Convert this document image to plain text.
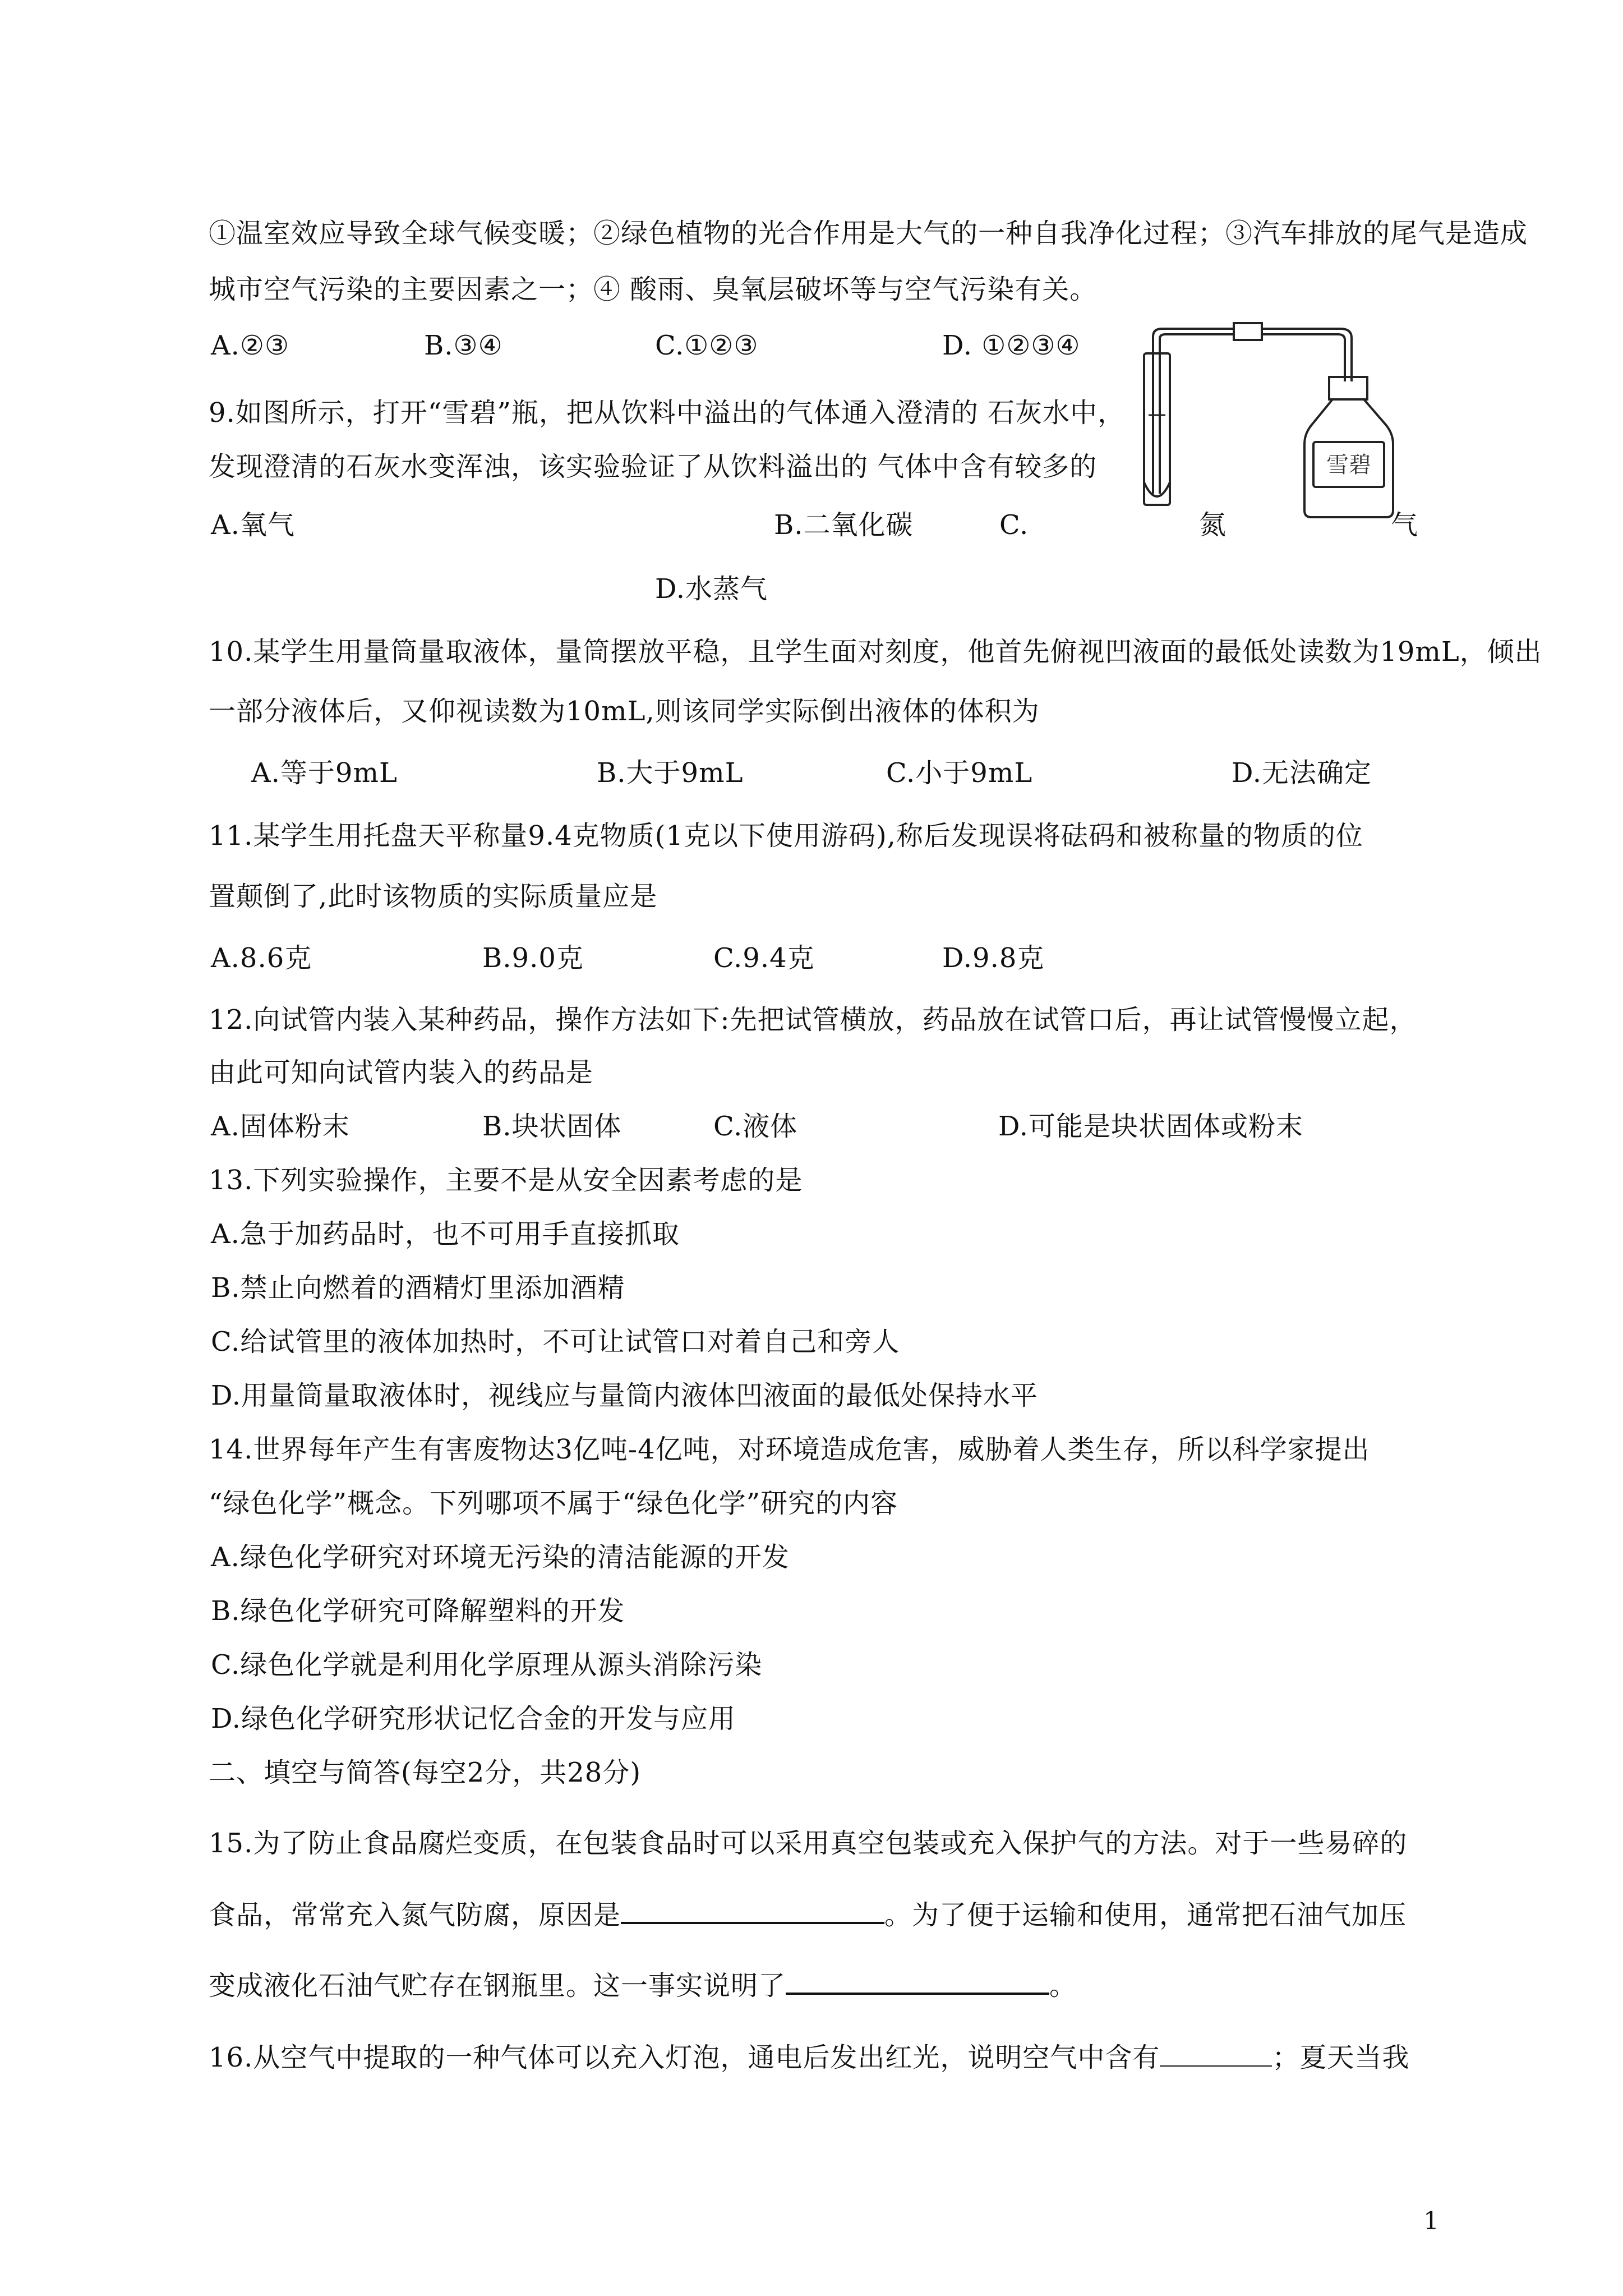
①温室效应导致全球气候变暖；②绿色植物的光合作用是大气的一种自我净化过程；③汽车排放的尾气是造成
城市空气污染的主要因素之一；④ 酸雨、臭氧层破坏等与空气污染有关。
A.②③	B.③④	C.①②③	D. ①②③④
9.如图所示，打开“雪碧”瓶，把从饮料中溢出的气体通入澄清的 石灰水中，
发现澄清的石灰水变浑浊，该实验验证了从饮料溢出的 气体中含有较多的	雪碧
A.氧气	B.二氧化碳	C.	氮	气
D.水蒸气
10.某学生用量筒量取液体，量筒摆放平稳，且学生面对刻度，他首先俯视凹液面的最低处读数为19mL，倾出
一部分液体后，又仰视读数为10mL,则该同学实际倒出液体的体积为
A.等于9mL	B.大于9mL	C.小于9mL	D.无法确定
11.某学生用托盘天平称量9.4克物质(1克以下使用游码),称后发现误将砝码和被称量的物质的位
置颠倒了,此时该物质的实际质量应是
A.8.6克	B.9.0克	C.9.4克	D.9.8克
12.向试管内装入某种药品，操作方法如下:先把试管横放，药品放在试管口后，再让试管慢慢立起，
由此可知向试管内装入的药品是
A.固体粉末	B.块状固体	C.液体	D.可能是块状固体或粉末
13.下列实验操作，主要不是从安全因素考虑的是
A.急于加药品时，也不可用手直接抓取
B.禁止向燃着的酒精灯里添加酒精
C.给试管里的液体加热时，不可让试管口对着自己和旁人
D.用量筒量取液体时，视线应与量筒内液体凹液面的最低处保持水平
14.世界每年产生有害废物达3亿吨-4亿吨，对环境造成危害，威胁着人类生存，所以科学家提出
“绿色化学”概念。下列哪项不属于“绿色化学”研究的内容
A.绿色化学研究对环境无污染的清洁能源的开发
B.绿色化学研究可降解塑料的开发
C.绿色化学就是利用化学原理从源头消除污染
D.绿色化学研究形状记忆合金的开发与应用
二、填空与简答(每空2分，共28分)
15.为了防止食品腐烂变质，在包装食品时可以采用真空包装或充入保护气的方法。对于一些易碎的
食品，常常充入氮气防腐，原因是	。为了便于运输和使用，通常把石油气加压
变成液化石油气贮存在钢瓶里。这一事实说明了	。
16.从空气中提取的一种气体可以充入灯泡，通电后发出红光，说明空气中含有	；夏天当我
1
